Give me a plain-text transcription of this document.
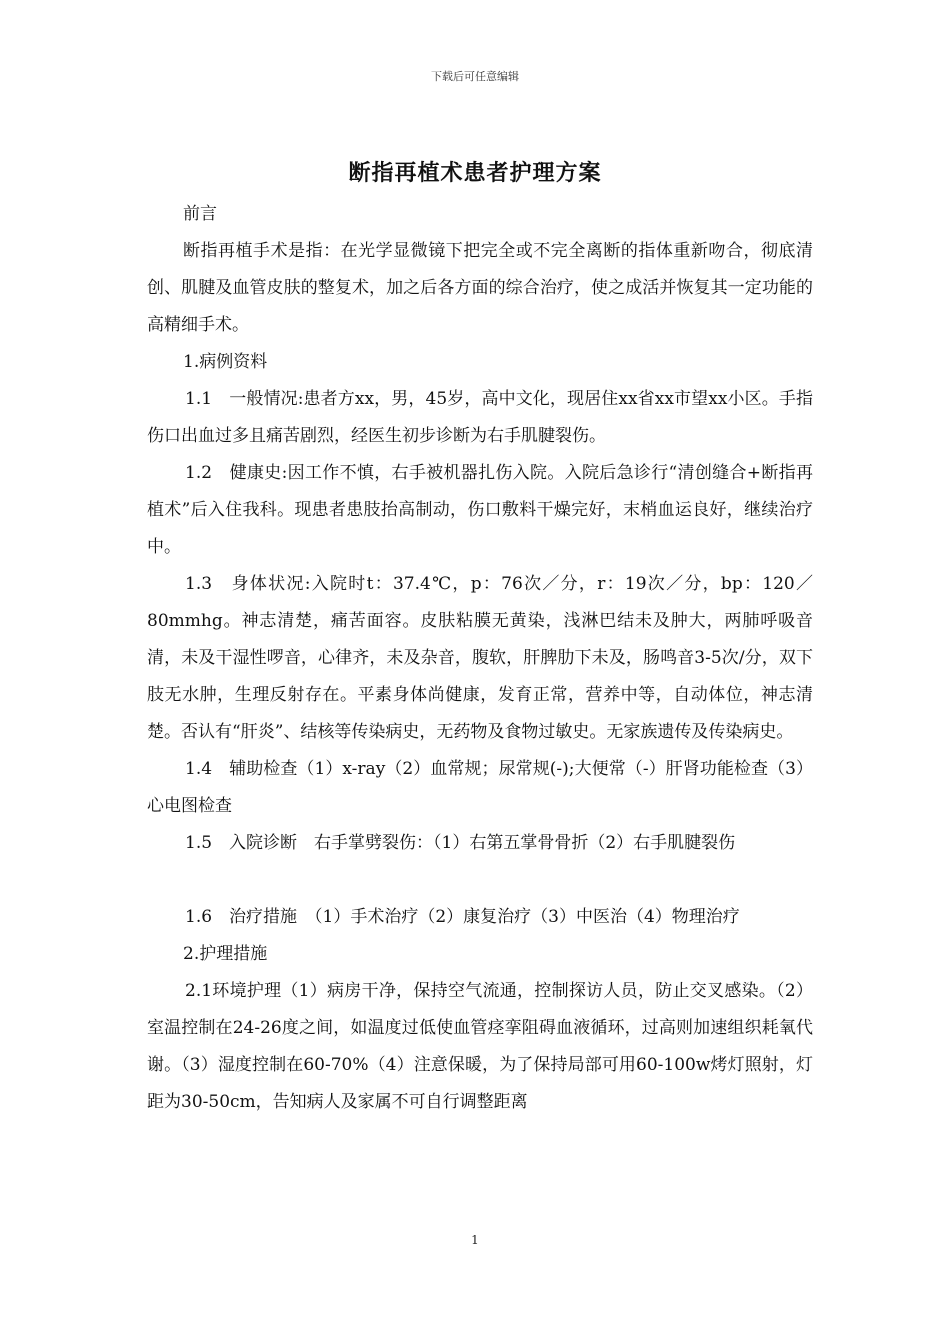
下载后可任意编辑
断指再植术患者护理方案

前言

断指再植手术是指：在光学显微镜下把完全或不完全离断的指体重新吻合，彻底清创、肌腱及血管皮肤的整复术，加之后各方面的综合治疗，使之成活并恢复其一定功能的高精细手术。

1.病例资料

1.1　一般情况:患者方xx，男，45岁，高中文化，现居住xx省xx市望xx小区。手指伤口出血过多且痛苦剧烈，经医生初步诊断为右手肌腱裂伤。

1.2　健康史:因工作不慎，右手被机器扎伤入院。入院后急诊行“清创缝合+断指再植术”后入住我科。现患者患肢抬高制动，伤口敷料干燥完好，末梢血运良好，继续治疗中。

1.3　身体状况:入院时t：37.4℃，p：76次／分，r：19次／分，bp：120／80mmhg。神志清楚，痛苦面容。皮肤粘膜无黄染，浅淋巴结未及肿大，两肺呼吸音清，未及干湿性啰音，心律齐，未及杂音，腹软，肝脾肋下未及，肠鸣音3-5次/分，双下肢无水肿，生理反射存在。平素身体尚健康，发育正常，营养中等，自动体位，神志清楚。否认有“肝炎”、结核等传染病史，无药物及食物过敏史。无家族遗传及传染病史。

1.4　辅助检查（1）x-ray（2）血常规；尿常规(-);大便常（-）肝肾功能检查（3）心电图检查

1.5　入院诊断　右手掌劈裂伤：（1）右第五掌骨骨折（2）右手肌腱裂伤

1.6　治疗措施　（1）手术治疗（2）康复治疗（3）中医治（4）物理治疗

2.护理措施

2.1环境护理（1）病房干净，保持空气流通，控制探访人员，防止交叉感染。（2）室温控制在24-26度之间，如温度过低使血管痉挛阻碍血液循环，过高则加速组织耗氧代谢。（3）湿度控制在60-70%（4）注意保暖，为了保持局部可用60-100w烤灯照射，灯距为30-50cm，告知病人及家属不可自行调整距离

1
